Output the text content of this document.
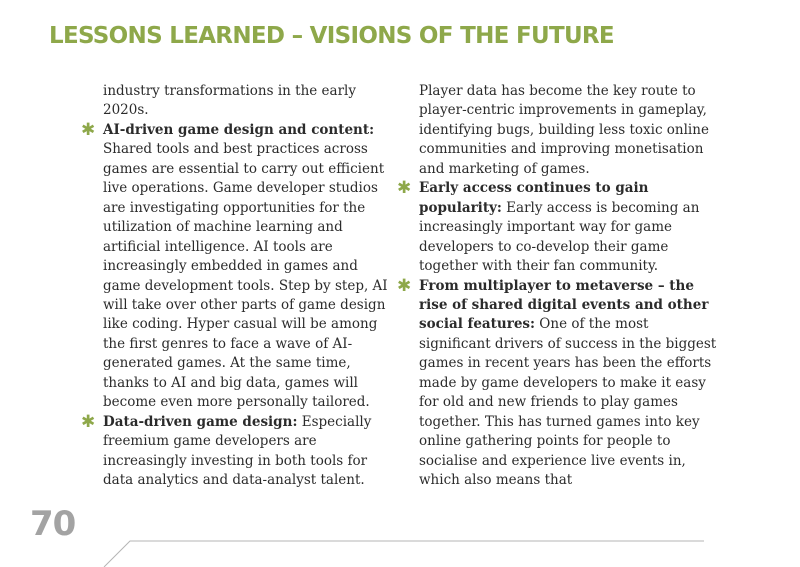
LESSONS LEARNED – VISIONS OF THE FUTURE

industry transformations in the early 2020s.

✱ AI-driven game design and content: Shared tools and best practices across games are essential to carry out efficient live operations. Game developer studios are investigating opportunities for the utilization of machine learning and artificial intelligence. AI tools are increasingly embedded in games and game development tools. Step by step, AI will take over other parts of game design like coding. Hyper casual will be among the first genres to face a wave of AI-generated games. At the same time, thanks to AI and big data, games will become even more personally tailored.

✱ Data-driven game design: Especially freemium game developers are increasingly investing in both tools for data analytics and data-analyst talent.

Player data has become the key route to player-centric improvements in gameplay, identifying bugs, building less toxic online communities and improving monetisation and marketing of games.

✱ Early access continues to gain popularity: Early access is becoming an increasingly important way for game developers to co-develop their game together with their fan community.

✱ From multiplayer to metaverse – the rise of shared digital events and other social features: One of the most significant drivers of success in the biggest games in recent years has been the efforts made by game developers to make it easy for old and new friends to play games together. This has turned games into key online gathering points for people to socialise and experience live events in, which also means that

70
